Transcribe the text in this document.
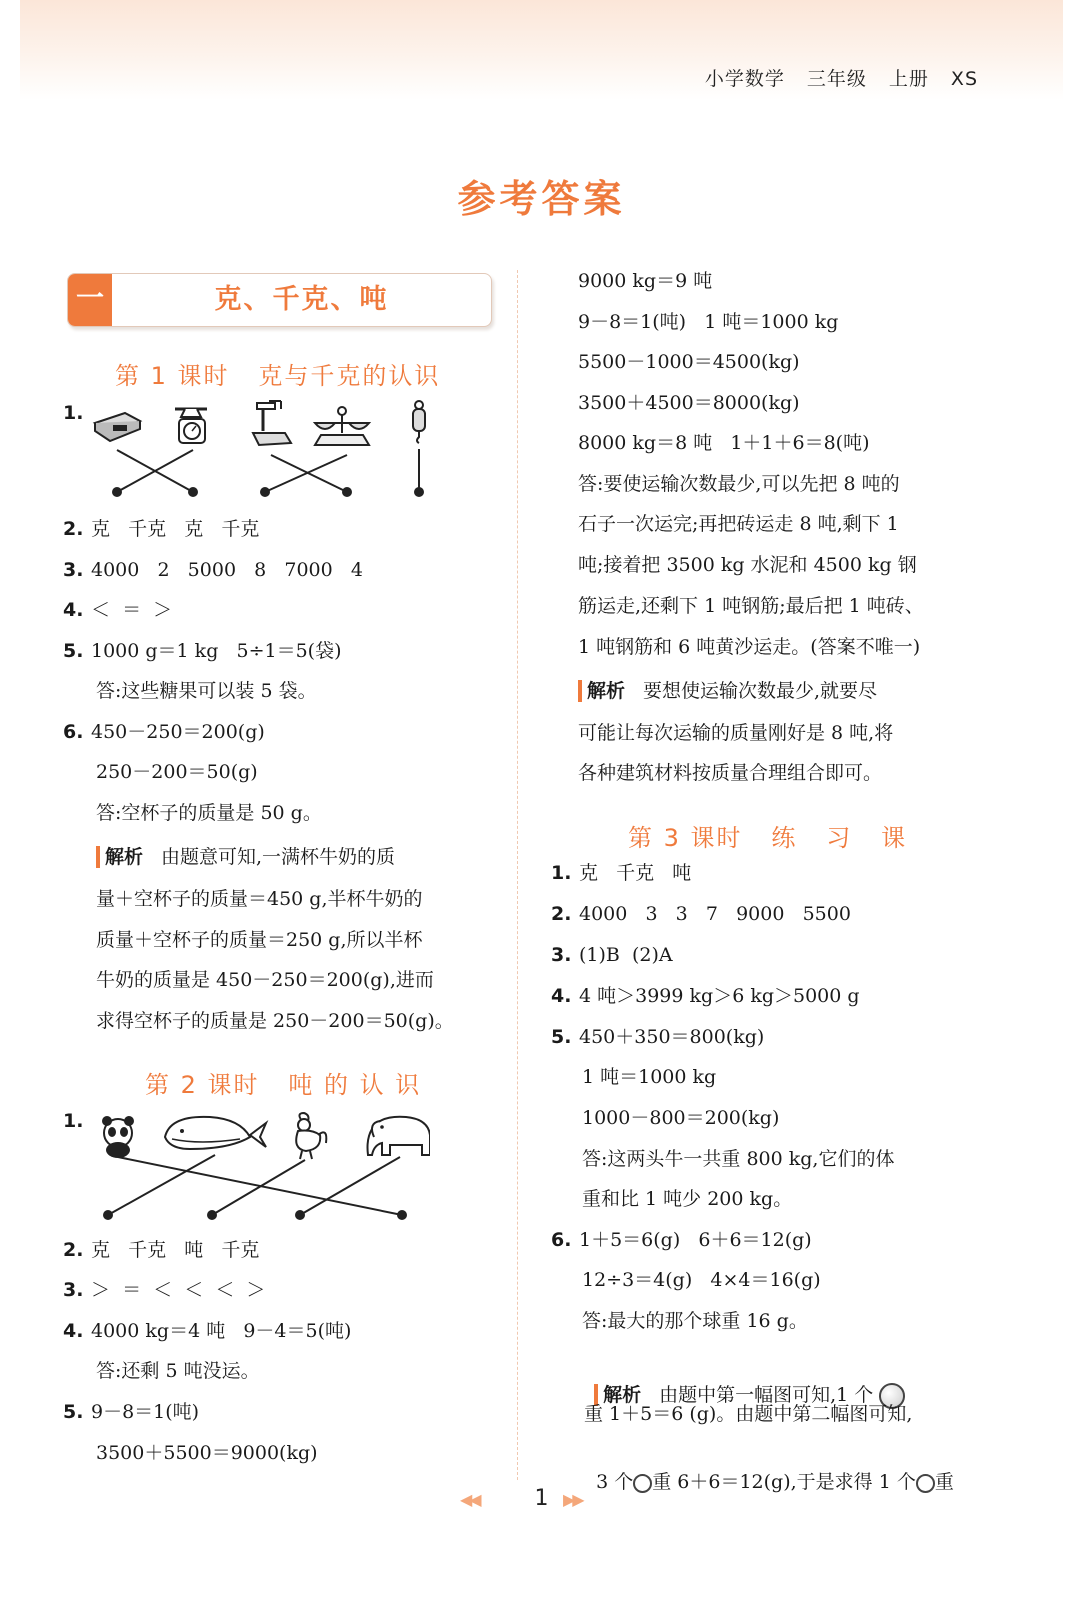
小学数学 三年级 上册 XS
参考答案
一	克、千克、吨
第 1 课时   克与千克的认识
1.
2. 克   千克   克   千克
3. 4000   2   5000   8   7000   4
4. ＜  ＝  ＞
5. 1000 g＝1 kg   5÷1＝5(袋)
答:这些糖果可以装 5 袋。
6. 450－250＝200(g)
250－200＝50(g)
答:空杯子的质量是 50 g。
解析 由题意可知,一满杯牛奶的质
量＋空杯子的质量＝450 g,半杯牛奶的
质量＋空杯子的质量＝250 g,所以半杯
牛奶的质量是 450－250＝200(g),进而
求得空杯子的质量是 250－200＝50(g)。
第 2 课时   吨 的 认 识
1.
2. 克   千克   吨   千克
3. ＞  ＝  ＜  ＜  ＜  ＞
4. 4000 kg＝4 吨   9－4＝5(吨)
答:还剩 5 吨没运。
5. 9－8＝1(吨)
3500＋5500＝9000(kg)
9000 kg＝9 吨
9－8＝1(吨)   1 吨＝1000 kg
5500－1000＝4500(kg)
3500＋4500＝8000(kg)
8000 kg＝8 吨   1＋1＋6＝8(吨)
答:要使运输次数最少,可以先把 8 吨的
石子一次运完;再把砖运走 8 吨,剩下 1
吨;接着把 3500 kg 水泥和 4500 kg 钢
筋运走,还剩下 1 吨钢筋;最后把 1 吨砖、
1 吨钢筋和 6 吨黄沙运走。(答案不唯一)
解析 要想使运输次数最少,就要尽
可能让每次运输的质量刚好是 8 吨,将
各种建筑材料按质量合理组合即可。
第 3 课时   练   习   课
1. 克   千克   吨
2. 4000   3   3   7   9000   5500
3. (1)B  (2)A
4. 4 吨＞3999 kg＞6 kg＞5000 g
5. 450＋350＝800(kg)
1 吨＝1000 kg
1000－800＝200(kg)
答:这两头牛一共重 800 kg,它们的体
重和比 1 吨少 200 kg。
6. 1＋5＝6(g)   6＋6＝12(g)
12÷3＝4(g)   4×4＝16(g)
答:最大的那个球重 16 g。

解析 由题中第一幅图可知,1 个

重 1＋5＝6 (g)。由题中第二幅图可知,

3 个 重 6＋6＝12(g),于是求得 1 个 重

◀◀	1 ▶▶
